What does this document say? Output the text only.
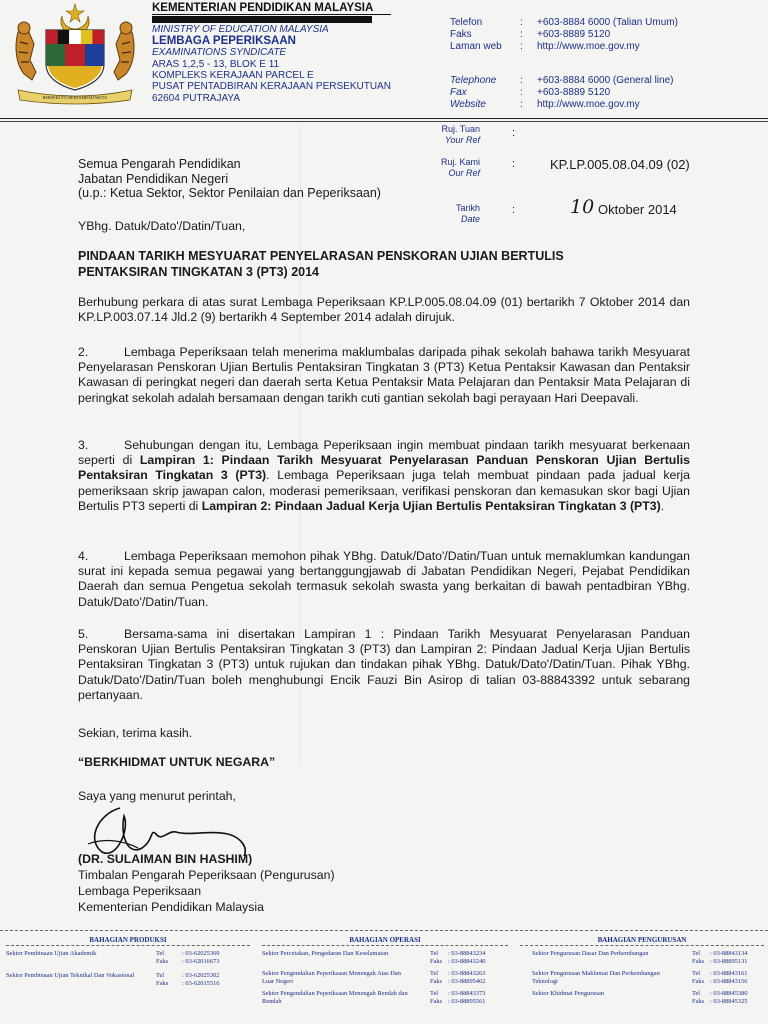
BERSEKUTU BERTAMBAH MUTU
KEMENTERIAN PENDIDIKAN MALAYSIA
MINISTRY OF EDUCATION MALAYSIA
LEMBAGA PEPERIKSAAN
EXAMINATIONS SYNDICATE
ARAS 1,2,5 - 13, BLOK E 11
KOMPLEKS KERAJAAN PARCEL E
PUSAT PENTADBIRAN KERAJAAN PERSEKUTUAN
62604 PUTRAJAYA
Telefon	:	+603-8884 6000 (Talian Umum)
Faks	:	+603-8889 5120
Laman web	:	http://www.moe.gov.my
Telephone	:	+603-8884 6000 (General line)
Fax	:	+603-8889 5120
Website	:	http://www.moe.gov.my
Ruj. Tuan
Your Ref
:
Ruj. Kami
Our Ref
:	KP.LP.005.08.04.09 (02)
Tarikh
Date
:	10 Oktober 2014
Semua Pengarah Pendidikan
Jabatan Pendidikan Negeri
(u.p.: Ketua Sektor, Sektor Penilaian dan Peperiksaan)
YBhg. Datuk/Dato'/Datin/Tuan,
PINDAAN TARIKH MESYUARAT PENYELARASAN PENSKORAN UJIAN BERTULIS
PENTAKSIRAN TINGKATAN 3 (PT3) 2014
Berhubung perkara di atas surat Lembaga Peperiksaan KP.LP.005.08.04.09 (01) bertarikh 7 Oktober 2014 dan KP.LP.003.07.14 Jld.2 (9) bertarikh 4 September 2014 adalah dirujuk.
2.	Lembaga Peperiksaan telah menerima maklumbalas daripada pihak sekolah bahawa tarikh Mesyuarat Penyelarasan Penskoran Ujian Bertulis Pentaksiran Tingkatan 3 (PT3) Ketua Pentaksir Kawasan dan Pentaksir Kawasan di peringkat negeri dan daerah serta Ketua Pentaksir Mata Pelajaran dan Pentaksir Mata Pelajaran di peringkat sekolah adalah bersamaan dengan tarikh cuti gantian sekolah bagi perayaan Hari Deepavali.
3.	Sehubungan dengan itu, Lembaga Peperiksaan ingin membuat pindaan tarikh mesyuarat berkenaan seperti di Lampiran 1: Pindaan Tarikh Mesyuarat Penyelarasan Panduan Penskoran Ujian Bertulis Pentaksiran Tingkatan 3 (PT3). Lembaga Peperiksaan juga telah membuat pindaan pada jadual kerja pemeriksaan skrip jawapan calon, moderasi pemeriksaan, verifikasi penskoran dan kemasukan skor bagi Ujian Bertulis PT3 seperti di Lampiran 2: Pindaan Jadual Kerja Ujian Bertulis Pentaksiran Tingkatan 3 (PT3).
4.	Lembaga Peperiksaan memohon pihak YBhg. Datuk/Dato'/Datin/Tuan untuk memaklumkan kandungan surat ini kepada semua pegawai yang bertanggungjawab di Jabatan Pendidikan Negeri, Pejabat Pendidikan Daerah dan semua Pengetua sekolah termasuk sekolah swasta yang berkaitan di bawah pentadbiran YBhg. Datuk/Dato'/Datin/Tuan.
5.	Bersama-sama ini disertakan Lampiran 1 : Pindaan Tarikh Mesyuarat Penyelarasan Panduan Penskoran Ujian Bertulis Pentaksiran Tingkatan 3 (PT3) dan Lampiran 2: Pindaan Jadual Kerja Ujian Bertulis Pentaksiran Tingkatan 3 (PT3) untuk rujukan dan tindakan pihak YBhg. Datuk/Dato'/Datin/Tuan. Pihak YBhg. Datuk/Dato'/Datin/Tuan boleh menghubungi Encik Fauzi Bin Asirop di talian 03-88843392 untuk sebarang pertanyaan.
Sekian, terima kasih.
“BERKHIDMAT UNTUK NEGARA”
Saya yang menurut perintah,
(DR. SULAIMAN BIN HASHIM)
Timbalan Pengarah Peperiksaan (Pengurusan)
Lembaga Peperiksaan
Kementerian Pendidikan Malaysia
BAHAGIAN PRODUKSI
Sektor Pembinaan Ujian Akademik	Tel	: 03-62025369
Faks : 03-62016673
Sektor Pembinaan Ujian Teknikal Dan Vokasional	Tel	: 03-62025302
Faks : 03-62015516
BAHAGIAN OPERASI
Sektor Percetakan, Pengedaran Dan Keselamatan	Tel : 03-88843234
Faks : 03-88843240
Sektor Pengendalian Peperiksaan Menengah Atas Dan Luar Negeri
Tel : 03-88843263
Faks : 03-88895462
Sektor Pengendalian Peperiksaan Menengah Rendah dan Rendah
Tel : 03-88843373
Faks : 03-88895561
BAHAGIAN PENGURUSAN
Sektor Pengurusan Dasar Dan Perkembangan	Tel : 03-88843134
Faks : 03-88895131
Sektor Pengurusan Maklumat Dan Perkembangan Teknologi
Tel : 03-88843161
Faks : 03-88843156
Sektor Khidmat Pengurusan	Tel : 03-88845380
Faks : 03-88845325
